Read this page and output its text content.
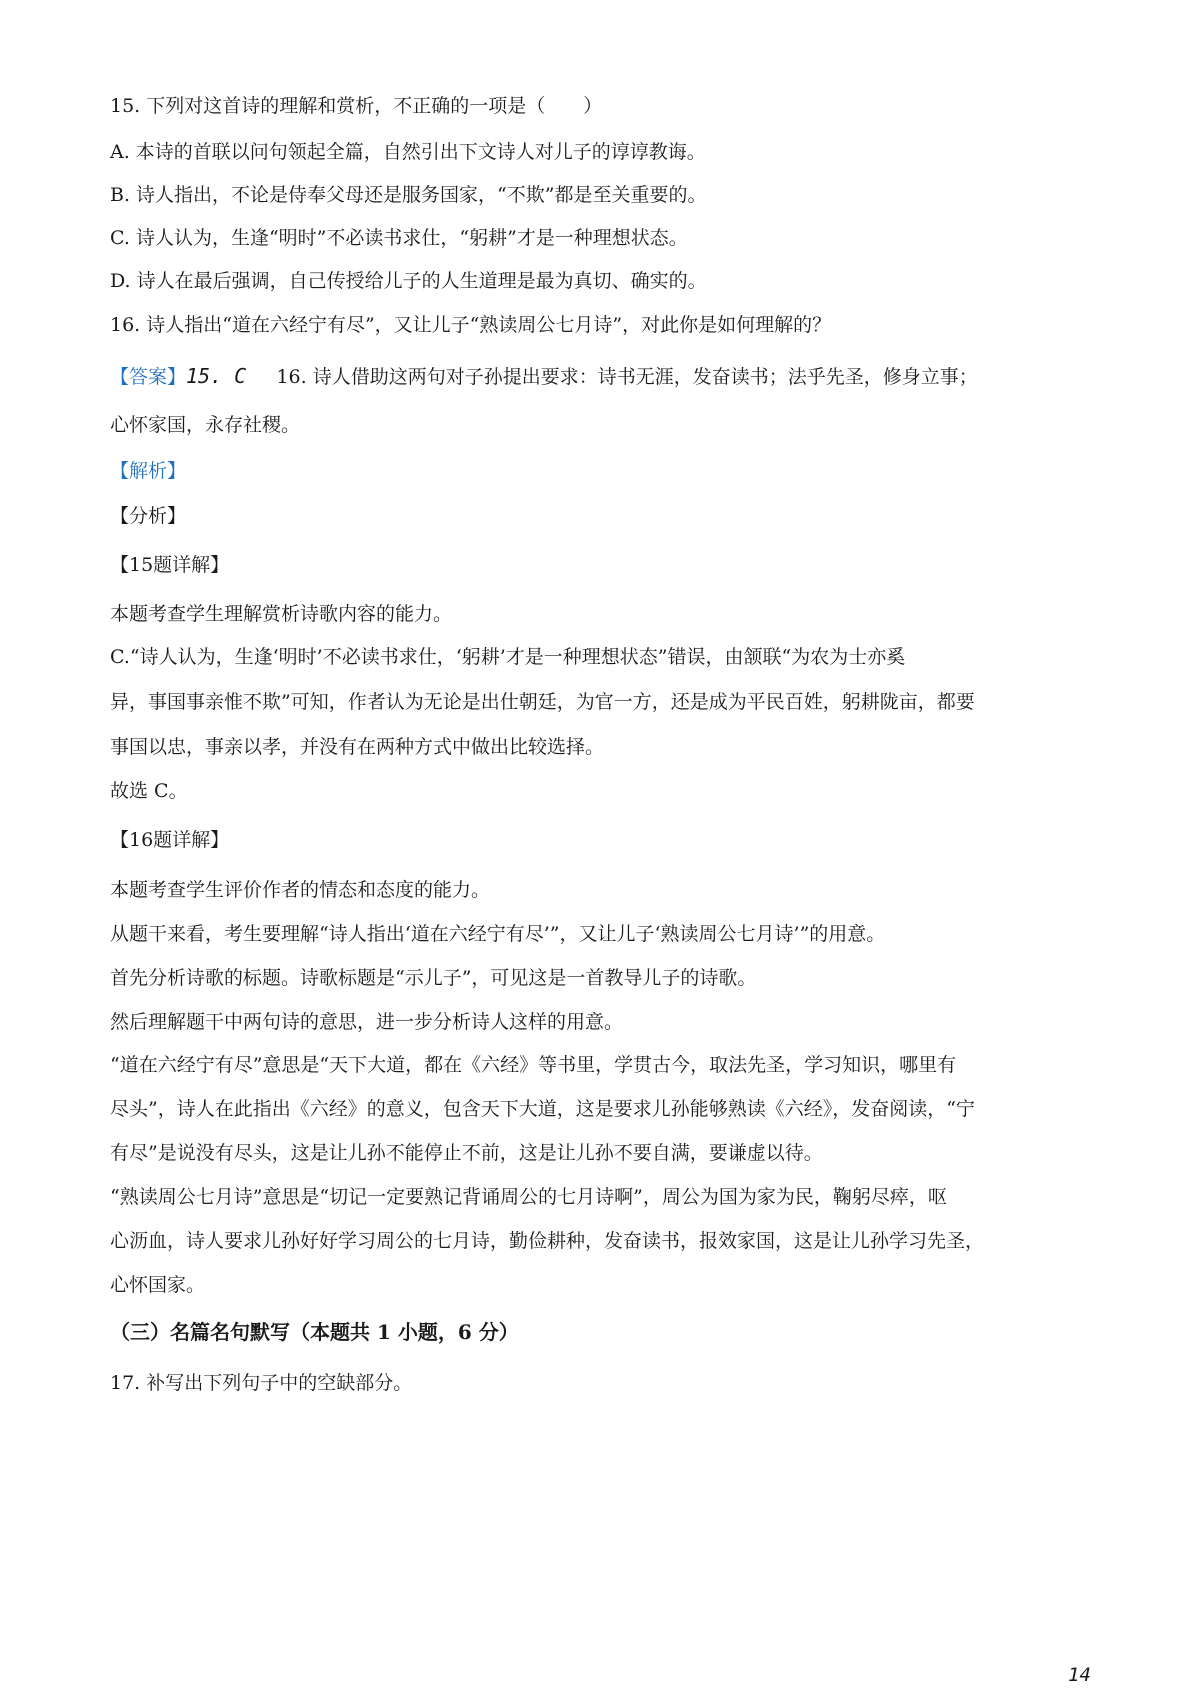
15. 下列对这首诗的理解和赏析，不正确的一项是（　　）
A. 本诗的首联以问句领起全篇，自然引出下文诗人对儿子的谆谆教诲。
B. 诗人指出，不论是侍奉父母还是服务国家，“不欺”都是至关重要的。
C. 诗人认为，生逢“明时”不必读书求仕，“躬耕”才是一种理想状态。
D. 诗人在最后强调，自己传授给儿子的人生道理是最为真切、确实的。
16. 诗人指出“道在六经宁有尽”，又让儿子“熟读周公七月诗”，对此你是如何理解的？
【答案】15. C 16. 诗人借助这两句对子孙提出要求：诗书无涯，发奋读书；法乎先圣，修身立事；
心怀家国，永存社稷。
【解析】
【分析】
【15题详解】
本题考查学生理解赏析诗歌内容的能力。
C.“诗人认为，生逢‘明时’不必读书求仕，‘躬耕’才是一种理想状态”错误，由颔联“为农为士亦奚
异，事国事亲惟不欺”可知，作者认为无论是出仕朝廷，为官一方，还是成为平民百姓，躬耕陇亩，都要
事国以忠，事亲以孝，并没有在两种方式中做出比较选择。
故选 C。
【16题详解】
本题考查学生评价作者的情态和态度的能力。
从题干来看，考生要理解“诗人指出‘道在六经宁有尽’”，又让儿子‘熟读周公七月诗’”的用意。
首先分析诗歌的标题。诗歌标题是“示儿子”，可见这是一首教导儿子的诗歌。
然后理解题干中两句诗的意思，进一步分析诗人这样的用意。
“道在六经宁有尽”意思是“天下大道，都在《六经》等书里，学贯古今，取法先圣，学习知识，哪里有
尽头”，诗人在此指出《六经》的意义，包含天下大道，这是要求儿孙能够熟读《六经》，发奋阅读，“宁
有尽”是说没有尽头，这是让儿孙不能停止不前，这是让儿孙不要自满，要谦虚以待。
“熟读周公七月诗”意思是“切记一定要熟记背诵周公的七月诗啊”，周公为国为家为民，鞠躬尽瘁，呕
心沥血，诗人要求儿孙好好学习周公的七月诗，勤俭耕种，发奋读书，报效家国，这是让儿孙学习先圣，
心怀国家。
（三）名篇名句默写（本题共 1 小题，6 分）
17. 补写出下列句子中的空缺部分。
14
